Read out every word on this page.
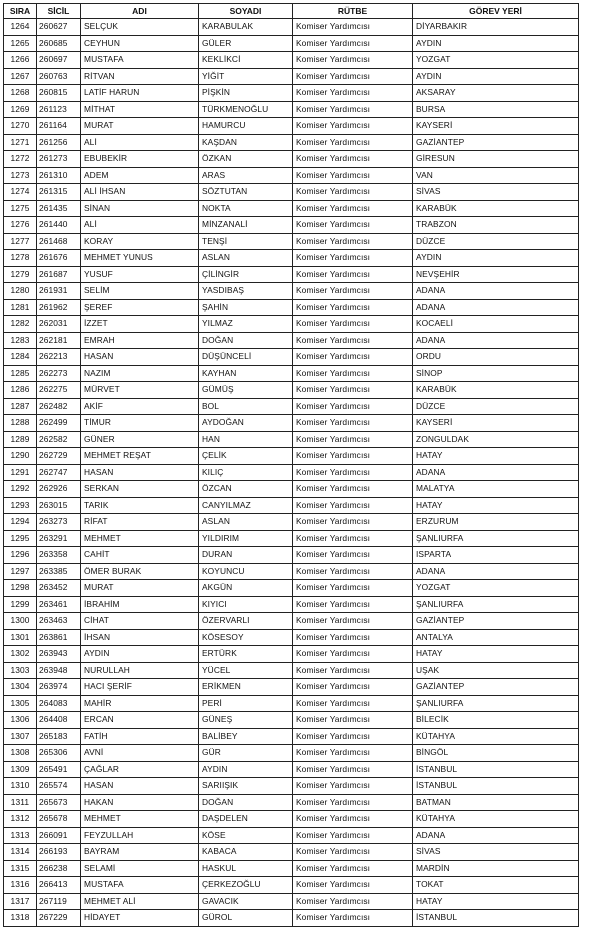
SIRA	SİCİL	ADI	SOYADI	RÜTBE	GÖREV YERİ
1264	260627	SELÇUK	KARABULAK	Komiser Yardımcısı	DİYARBAKIR
1265	260685	CEYHUN	GÜLER	Komiser Yardımcısı	AYDIN
1266	260697	MUSTAFA	KEKLİKCİ	Komiser Yardımcısı	YOZGAT
1267	260763	RİTVAN	YİĞİT	Komiser Yardımcısı	AYDIN
1268	260815	LATİF HARUN	PİŞKİN	Komiser Yardımcısı	AKSARAY
1269	261123	MİTHAT	TÜRKMENOĞLU	Komiser Yardımcısı	BURSA
1270	261164	MURAT	HAMURCU	Komiser Yardımcısı	KAYSERİ
1271	261256	ALİ	KAŞDAN	Komiser Yardımcısı	GAZİANTEP
1272	261273	EBUBEKİR	ÖZKAN	Komiser Yardımcısı	GİRESUN
1273	261310	ADEM	ARAS	Komiser Yardımcısı	VAN
1274	261315	ALİ İHSAN	SÖZTUTAN	Komiser Yardımcısı	SİVAS
1275	261435	SİNAN	NOKTA	Komiser Yardımcısı	KARABÜK
1276	261440	ALİ	MİNZANALİ	Komiser Yardımcısı	TRABZON
1277	261468	KORAY	TENŞİ	Komiser Yardımcısı	DÜZCE
1278	261676	MEHMET YUNUS	ASLAN	Komiser Yardımcısı	AYDIN
1279	261687	YUSUF	ÇİLİNGİR	Komiser Yardımcısı	NEVŞEHİR
1280	261931	SELİM	YASDIBAŞ	Komiser Yardımcısı	ADANA
1281	261962	ŞEREF	ŞAHİN	Komiser Yardımcısı	ADANA
1282	262031	İZZET	YILMAZ	Komiser Yardımcısı	KOCAELİ
1283	262181	EMRAH	DOĞAN	Komiser Yardımcısı	ADANA
1284	262213	HASAN	DÜŞÜNCELİ	Komiser Yardımcısı	ORDU
1285	262273	NAZIM	KAYHAN	Komiser Yardımcısı	SİNOP
1286	262275	MÜRVET	GÜMÜŞ	Komiser Yardımcısı	KARABÜK
1287	262482	AKİF	BOL	Komiser Yardımcısı	DÜZCE
1288	262499	TİMUR	AYDOĞAN	Komiser Yardımcısı	KAYSERİ
1289	262582	GÜNER	HAN	Komiser Yardımcısı	ZONGULDAK
1290	262729	MEHMET REŞAT	ÇELİK	Komiser Yardımcısı	HATAY
1291	262747	HASAN	KILIÇ	Komiser Yardımcısı	ADANA
1292	262926	SERKAN	ÖZCAN	Komiser Yardımcısı	MALATYA
1293	263015	TARIK	CANYILMAZ	Komiser Yardımcısı	HATAY
1294	263273	RİFAT	ASLAN	Komiser Yardımcısı	ERZURUM
1295	263291	MEHMET	YILDIRIM	Komiser Yardımcısı	ŞANLIURFA
1296	263358	CAHİT	DURAN	Komiser Yardımcısı	ISPARTA
1297	263385	ÖMER BURAK	KOYUNCU	Komiser Yardımcısı	ADANA
1298	263452	MURAT	AKGÜN	Komiser Yardımcısı	YOZGAT
1299	263461	İBRAHİM	KIYICI	Komiser Yardımcısı	ŞANLIURFA
1300	263463	CİHAT	ÖZERVARLI	Komiser Yardımcısı	GAZİANTEP
1301	263861	İHSAN	KÖSESOY	Komiser Yardımcısı	ANTALYA
1302	263943	AYDIN	ERTÜRK	Komiser Yardımcısı	HATAY
1303	263948	NURULLAH	YÜCEL	Komiser Yardımcısı	UŞAK
1304	263974	HACI ŞERİF	ERİKMEN	Komiser Yardımcısı	GAZİANTEP
1305	264083	MAHİR	PERİ	Komiser Yardımcısı	ŞANLIURFA
1306	264408	ERCAN	GÜNEŞ	Komiser Yardımcısı	BİLECİK
1307	265183	FATİH	BALİBEY	Komiser Yardımcısı	KÜTAHYA
1308	265306	AVNİ	GÜR	Komiser Yardımcısı	BİNGÖL
1309	265491	ÇAĞLAR	AYDIN	Komiser Yardımcısı	İSTANBUL
1310	265574	HASAN	SARIIŞIK	Komiser Yardımcısı	İSTANBUL
1311	265673	HAKAN	DOĞAN	Komiser Yardımcısı	BATMAN
1312	265678	MEHMET	DAŞDELEN	Komiser Yardımcısı	KÜTAHYA
1313	266091	FEYZULLAH	KÖSE	Komiser Yardımcısı	ADANA
1314	266193	BAYRAM	KABACA	Komiser Yardımcısı	SİVAS
1315	266238	SELAMİ	HASKUL	Komiser Yardımcısı	MARDİN
1316	266413	MUSTAFA	ÇERKEZOĞLU	Komiser Yardımcısı	TOKAT
1317	267119	MEHMET ALİ	GAVACIK	Komiser Yardımcısı	HATAY
1318	267229	HİDAYET	GÜROL	Komiser Yardımcısı	İSTANBUL
